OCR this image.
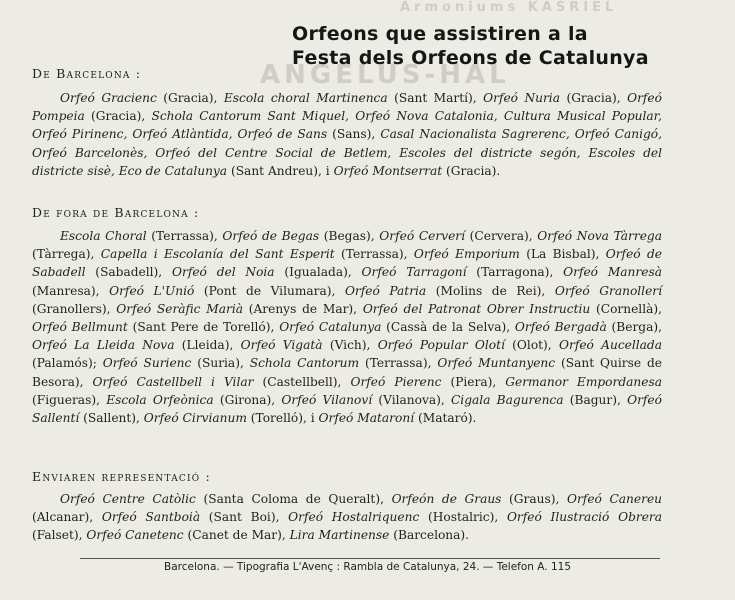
Armoniums KASRIEL
ANGELUS-HAL
Orfeons que assistiren a la
Festa dels Orfeons de Catalunya
De Barcelona :
Orfeó Gracienc (Gracia), Escola choral Martinenca (Sant Martí), Orfeó Nuria (Gracia), Orfeó Pompeia (Gracia), Schola Cantorum Sant Miquel, Orfeó Nova Catalonia, Cultura Musical Popular, Orfeó Pirinenc, Orfeó Atlàntida, Orfeó de Sans (Sans), Casal Nacionalista Sagrerenc, Orfeó Canigó, Orfeó Barcelonès, Orfeó del Centre Social de Betlem, Escoles del districte segón, Escoles del districte sisè, Eco de Catalunya (Sant Andreu), i Orfeó Montserrat (Gracia).
De fora de Barcelona :
Escola Choral (Terrassa), Orfeó de Begas (Begas), Orfeó Cerverí (Cervera), Orfeó Nova Tàrrega (Tàrrega), Capella i Escolanía del Sant Esperit (Terrassa), Orfeó Emporium (La Bisbal), Orfeó de Sabadell (Sabadell), Orfeó del Noia (Igualada), Orfeó Tarragoní (Tarragona), Orfeó Manresà (Manresa), Orfeó L'Unió (Pont de Vilumara), Orfeó Patria (Molins de Rei), Orfeó Granollerí (Granollers), Orfeó Seràfic Marià (Arenys de Mar), Orfeó del Patronat Obrer Instructiu (Cornellà), Orfeó Bellmunt (Sant Pere de Torelló), Orfeó Catalunya (Cassà de la Selva), Orfeó Bergadà (Berga), Orfeó La Lleida Nova (Lleida), Orfeó Vigatà (Vich), Orfeó Popular Olotí (Olot), Orfeó Aucellada (Palamós); Orfeó Surienc (Suria), Schola Cantorum (Terrassa), Orfeó Muntanyenc (Sant Quirse de Besora), Orfeó Castellbell i Vilar (Castellbell), Orfeó Pierenc (Piera), Germanor Empordanesa (Figueras), Escola Orfeònica (Girona), Orfeó Vilanoví (Vilanova), Cigala Bagurenca (Bagur), Orfeó Sallentí (Sallent), Orfeó Cirvianum (Torelló), i Orfeó Mataroní (Mataró).
Enviaren representació :
Orfeó Centre Catòlic (Santa Coloma de Queralt), Orfeón de Graus (Graus), Orfeó Canereu (Alcanar), Orfeó Santboià (Sant Boi), Orfeó Hostalriquenc (Hostalric), Orfeó Ilustració Obrera (Falset), Orfeó Canetenc (Canet de Mar), Lira Martinense (Barcelona).
Barcelona. — Tipografia L'Avenç : Rambla de Catalunya, 24. — Telefon A. 115
